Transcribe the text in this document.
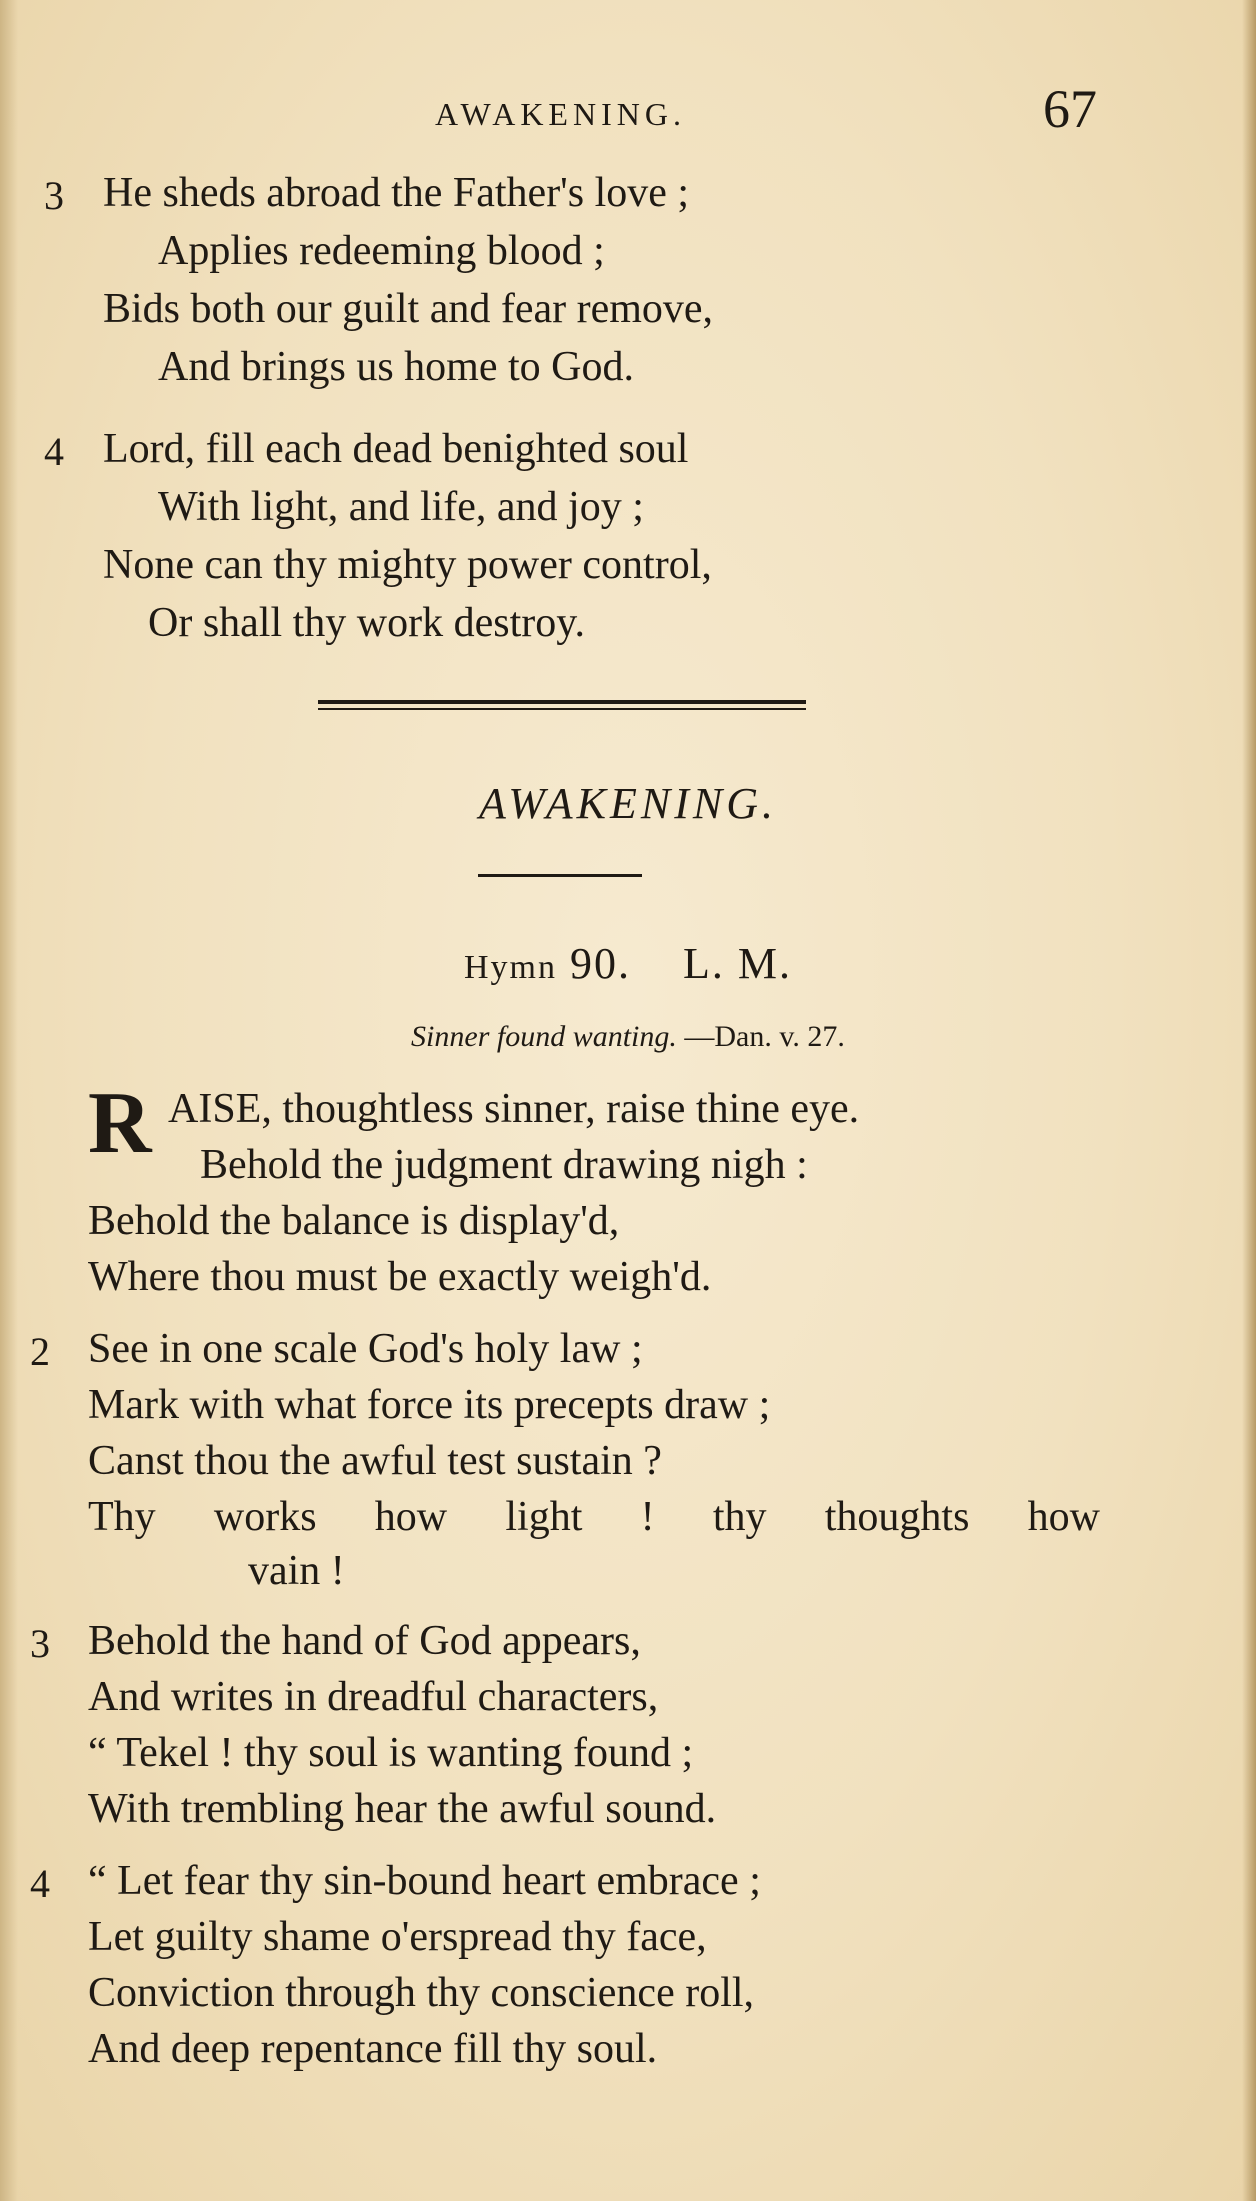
AWAKENING.	67
3 He sheds abroad the Father's love ;
Applies redeeming blood ;
Bids both our guilt and fear remove,
And brings us home to God.
4 Lord, fill each dead benighted soul
With light, and life, and joy ;
None can thy mighty power control,
Or shall thy work destroy.
AWAKENING.
Hymn 90. L. M.
Sinner found wanting. —Dan. v. 27.
R AISE, thoughtless sinner, raise thine eye.
Behold the judgment drawing nigh :
Behold the balance is display'd,
Where thou must be exactly weigh'd.
2 See in one scale God's holy law ;
Mark with what force its precepts draw ;
Canst thou the awful test sustain ?
Thy works how light ! thy thoughts how
vain !
3 Behold the hand of God appears,
And writes in dreadful characters,
“ Tekel ! thy soul is wanting found ;
With trembling hear the awful sound.
4 “ Let fear thy sin-bound heart embrace ;
Let guilty shame o'erspread thy face,
Conviction through thy conscience roll,
And deep repentance fill thy soul.
